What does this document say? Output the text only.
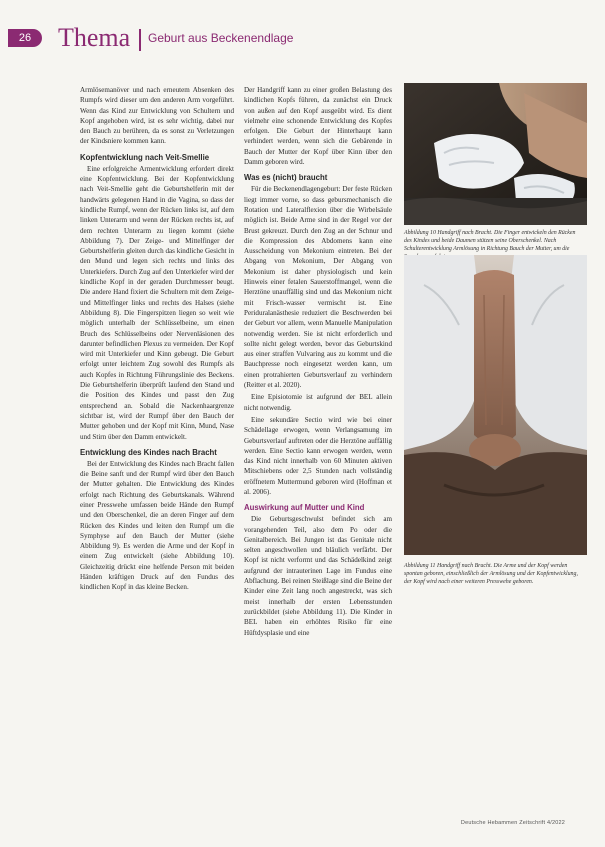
26	Thema Geburt aus Beckenendlage

Armlösemanöver und nach erneutem Absenken des Rumpfs wird dieser um den anderen Arm vorgeführt. Wenn das Kind zur Entwicklung von Schultern und Kopf angehoben wird, ist es sehr wichtig, dabei nur den Bauch zu berühren, da es sonst zu Verletzungen der Kindsniere kommen kann.

Kopfentwicklung nach Veit-Smellie

Eine erfolgreiche Armentwicklung erfordert direkt eine Kopfentwicklung. Bei der Kopfentwicklung nach Veit-Smellie geht die Geburtshelferin mit der handwärts gelegenen Hand in die Vagina, so dass der kindliche Rumpf, wenn der Rücken links ist, auf dem linken Unterarm und wenn der Rücken rechts ist, auf dem rechten Unterarm zu liegen kommt (siehe Abbildung 7). Der Zeige- und Mittelfinger der Geburtshelferin gleiten durch das kindliche Gesicht in den Mund und legen sich rechts und links des Unterkiefers. Durch Zug auf den Unterkiefer wird der kindliche Kopf in der geraden Durchmesser beugt. Die andere Hand fixiert die Schultern mit dem Zeige- und Mittelfinger links und rechts des Halses (siehe Abbildung 8). Die Fingerspitzen liegen so weit wie möglich unterhalb der Schlüsselbeine, um einen Bruch des Schlüsselbeins oder Nervenläsionen des darunter befindlichen Plexus zu vermeiden. Der Kopf wird mit Unterkiefer und Kinn gebeugt. Die Geburt erfolgt unter leichtem Zug sowohl des Rumpfs als auch Kopfes in Richtung Führungslinie des Beckens. Die Geburtshelferin überprüft laufend den Stand und die Position des Kindes und passt den Zug entsprechend an. Sobald die Nackenhaargrenze sichtbar ist, wird der Rumpf über den Bauch der Mutter gehoben und der Kopf mit Kinn, Mund, Nase und Stirn über den Damm entwickelt.

Entwicklung des Kindes nach Bracht

Bei der Entwicklung des Kindes nach Bracht fallen die Beine sanft und der Rumpf wird über den Bauch der Mutter gehalten. Die Entwicklung des Kindes erfolgt nach Richtung des Geburtskanals. Während einer Presswehe umfassen beide Hände den Rumpf und den Oberschenkel, die an deren Finger auf dem Rücken des Kindes und leiten den Rumpf um die Symphyse auf den Bauch der Mutter (siehe Abbildung 9). Es werden die Arme und der Kopf in einem Zug entwickelt (siehe Abbildung 10). Gleichzeitig drückt eine helfende Person mit beiden Händen kräftigen Druck auf den Fundus des kindlichen Kopf in das kleine Becken.

Der Handgriff kann zu einer großen Belastung des kindlichen Kopfs führen, da zunächst ein Druck von außen auf den Kopf ausgeübt wird. Es dient vielmehr eine schonende Entwicklung des Kopfes erfolgen. Die Geburt der Hinterhaupt kann verhindert werden, wenn sich die Gebärende in Bauch der Mutter der Kopf über Kinn über den Damm geboren wird.

Was es (nicht) braucht

Für die Beckenendlagengeburt: Der feste Rücken liegt immer vorne, so dass gebursmechanisch die Rotation und Lateralflexion über die Wirbelsäule möglich ist. Beide Arme sind in der Regel vor der Brust gekreuzt. Durch den Zug an der Schnur und die Kompression des Abdomens kann eine Ausscheidung von Mekonium eintreten. Bei der Abgang von Mekonium, Der Abgang von Mekonium ist daher physiologisch und kein Hinweis einer fetalen Sauerstoffmangel, wenn die Herztöne unauffällig sind und das Mekonium nicht mit Frisch-wasser vermischt ist. Eine Periduralanästhesie reduziert die Beschwerden bei der Geburt vor allem, wenn Manuelle Manipulation notwendig werden. Sie ist nicht erforderlich und sollte nicht gelegt werden, bevor das Geburtskind aus einer straffen Vulvaring aus zu kommt und die Bauchpresse noch eingesetzt werden kann, um einen protrahierten Geburtsverlauf zu verhindern (Reitter et al. 2020).

Eine Episiotomie ist aufgrund der BEL allein nicht notwendig.

Eine sekundäre Sectio wird wie bei einer Schädellage erwogen, wenn Verlangsamung im Geburtsverlauf auftreten oder die Herztöne auffällig werden. Eine Sectio kann erwogen werden, wenn das Kind nicht innerhalb von 60 Minuten aktiven Mitschiebens oder 2,5 Stunden nach vollständig eröffnetem Muttermund geboren wird (Hoffman et al. 2006).

Auswirkung auf Mutter und Kind

Die Geburtsgeschwulst befindet sich am vorangehenden Teil, also dem Po oder die Genitalbereich. Bei Jungen ist das Genitale nicht selten angeschwollen und bläulich verfärbt. Der Kopf ist nicht verformt und das Schädelkind zeigt aufgrund der intrauterinen Lage im Fundus eine Abflachung. Bei reinen Steißlage sind die Beine der Kinder eine Zeit lang noch angestreckt, was sich meist innerhalb der ersten Lebensstunden zurückbildet (siehe Abbildung 11). Die Kinder in BEL haben ein erhöhtes Risiko für eine Hüftdysplasie und eine

Abbildung 10 Handgriff nach Bracht. Die Finger entwickeln den Rücken des Kindes und beide Daumen stützen seine Oberschenkel. Nach Schulterentwicklung Armlösung in Richtung Bauch der Mutter, um die
Abbildung 11 Handgriff nach Bracht. Die Arme und der Kopf werden spontan geboren, einschließlich der Armlösung und der Kopfentwicklung, der Kopf wird nach einer weiteren Presswehe geboren.
Deutsche Hebammen Zeitschrift 4/2022
